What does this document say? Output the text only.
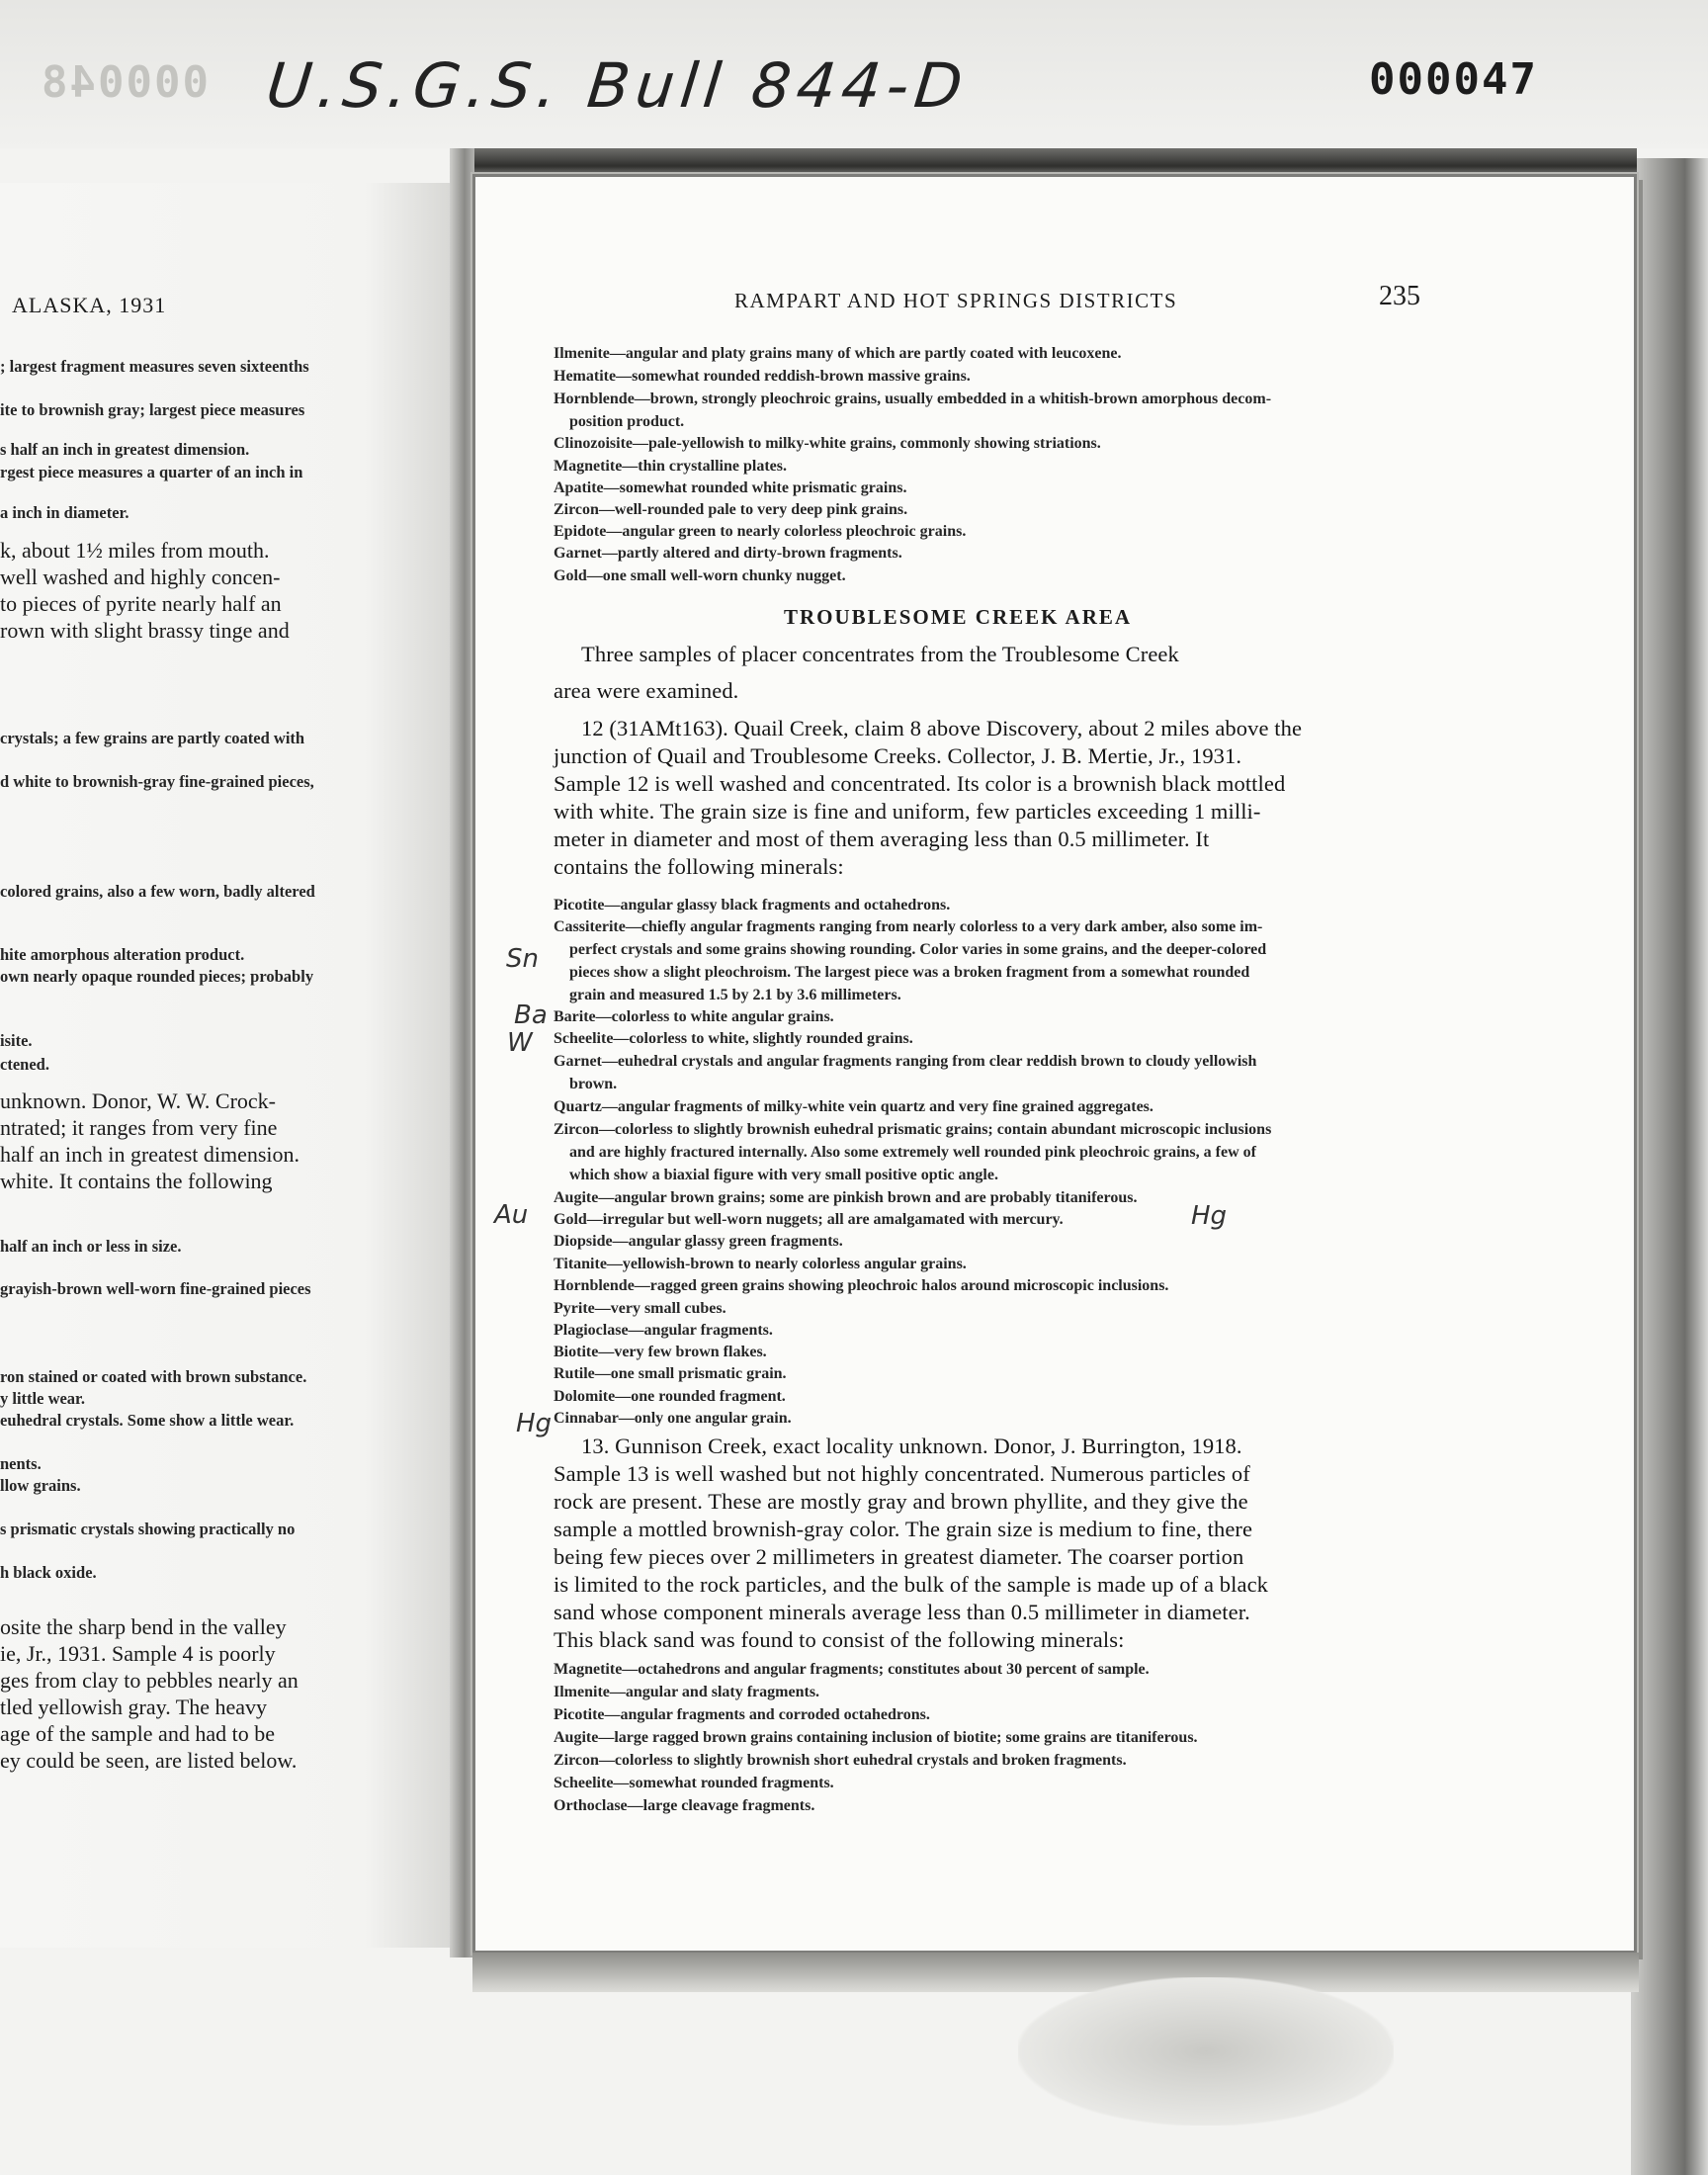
000048 U.S.G.S. Bull 844-D	000047
; largest fragment measures seven sixteenths
ite to brownish gray; largest piece measures
s half an inch in greatest dimension.
rgest piece measures a quarter of an inch in
a inch in diameter.
k, about 1½ miles from mouth.
well washed and highly concen-
to pieces of pyrite nearly half an
rown with slight brassy tinge and
crystals; a few grains are partly coated with
d white to brownish-gray fine-grained pieces,
colored grains, also a few worn, badly altered
hite amorphous alteration product.
own nearly opaque rounded pieces; probably
isite.
ctened.
unknown. Donor, W. W. Crock-
ntrated; it ranges from very fine
half an inch in greatest dimension.
white. It contains the following
half an inch or less in size.
grayish-brown well-worn fine-grained pieces
ron stained or coated with brown substance.
y little wear.
euhedral crystals. Some show a little wear.
nents.
llow grains.
s prismatic crystals showing practically no
h black oxide.
osite the sharp bend in the valley
ie, Jr., 1931. Sample 4 is poorly
ges from clay to pebbles nearly an
tled yellowish gray. The heavy
age of the sample and had to be
ey could be seen, are listed below.
ALASKA, 1931	RAMPART AND HOT SPRINGS DISTRICTS	235
Ilmenite—angular and platy grains many of which are partly coated with leucoxene.
Hematite—somewhat rounded reddish-brown massive grains.
Hornblende—brown, strongly pleochroic grains, usually embedded in a whitish-brown amorphous decom-
position product.
Clinozoisite—pale-yellowish to milky-white grains, commonly showing striations.
Magnetite—thin crystalline plates.
Apatite—somewhat rounded white prismatic grains.
Zircon—well-rounded pale to very deep pink grains.
Epidote—angular green to nearly colorless pleochroic grains.
Garnet—partly altered and dirty-brown fragments.
Gold—one small well-worn chunky nugget.
TROUBLESOME CREEK AREA
Three samples of placer concentrates from the Troublesome Creek
area were examined.
12 (31AMt163). Quail Creek, claim 8 above Discovery, about 2 miles above the
junction of Quail and Troublesome Creeks. Collector, J. B. Mertie, Jr., 1931.
Sample 12 is well washed and concentrated. Its color is a brownish black mottled
with white. The grain size is fine and uniform, few particles exceeding 1 milli-
meter in diameter and most of them averaging less than 0.5 millimeter. It
contains the following minerals:
Picotite—angular glassy black fragments and octahedrons.
Cassiterite—chiefly angular fragments ranging from nearly colorless to a very dark amber, also some im-
perfect crystals and some grains showing rounding. Color varies in some grains, and the deeper-colored
pieces show a slight pleochroism. The largest piece was a broken fragment from a somewhat rounded
grain and measured 1.5 by 2.1 by 3.6 millimeters.
Barite—colorless to white angular grains.
Scheelite—colorless to white, slightly rounded grains.
Garnet—euhedral crystals and angular fragments ranging from clear reddish brown to cloudy yellowish
brown.
Quartz—angular fragments of milky-white vein quartz and very fine grained aggregates.
Zircon—colorless to slightly brownish euhedral prismatic grains; contain abundant microscopic inclusions
and are highly fractured internally. Also some extremely well rounded pink pleochroic grains, a few of
which show a biaxial figure with very small positive optic angle.
Augite—angular brown grains; some are pinkish brown and are probably titaniferous.
Gold—irregular but well-worn nuggets; all are amalgamated with mercury.
Diopside—angular glassy green fragments.
Titanite—yellowish-brown to nearly colorless angular grains.
Hornblende—ragged green grains showing pleochroic halos around microscopic inclusions.
Pyrite—very small cubes.
Plagioclase—angular fragments.
Biotite—very few brown flakes.
Rutile—one small prismatic grain.
Dolomite—one rounded fragment.
Cinnabar—only one angular grain.
13. Gunnison Creek, exact locality unknown. Donor, J. Burrington, 1918.
Sample 13 is well washed but not highly concentrated. Numerous particles of
rock are present. These are mostly gray and brown phyllite, and they give the
sample a mottled brownish-gray color. The grain size is medium to fine, there
being few pieces over 2 millimeters in greatest diameter. The coarser portion
is limited to the rock particles, and the bulk of the sample is made up of a black
sand whose component minerals average less than 0.5 millimeter in diameter.
This black sand was found to consist of the following minerals:
Magnetite—octahedrons and angular fragments; constitutes about 30 percent of sample.
Ilmenite—angular and slaty fragments.
Picotite—angular fragments and corroded octahedrons.
Augite—large ragged brown grains containing inclusion of biotite; some grains are titaniferous.
Zircon—colorless to slightly brownish short euhedral crystals and broken fragments.
Scheelite—somewhat rounded fragments.
Orthoclase—large cleavage fragments.
Sn
Ba
W
Au	Hg
Hg
